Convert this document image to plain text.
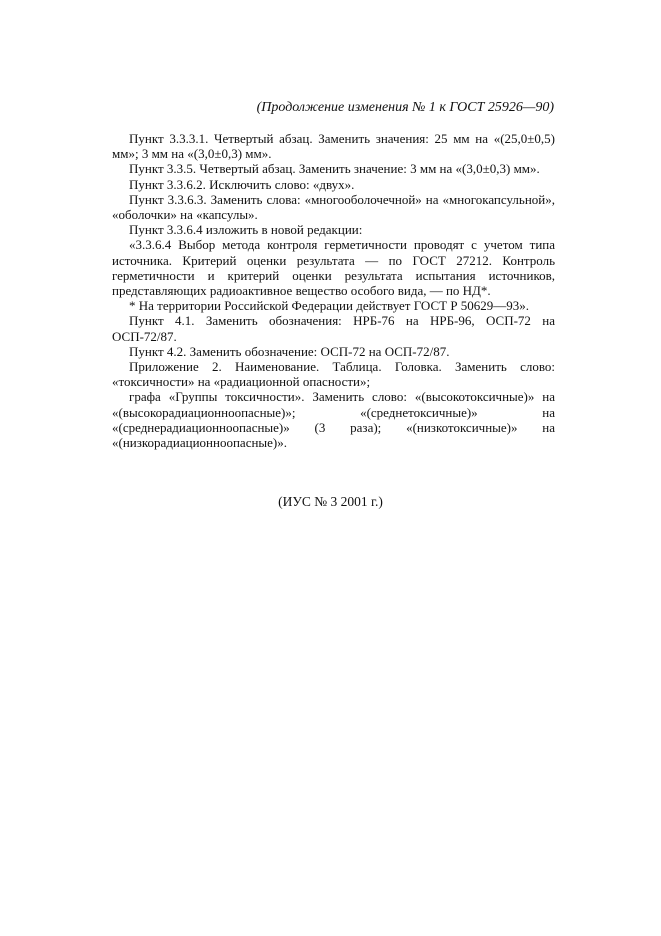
(Продолжение изменения № 1 к ГОСТ 25926—90)

Пункт 3.3.3.1. Четвертый абзац. Заменить значения: 25 мм на «(25,0±0,5) мм»; 3 мм на «(3,0±0,3) мм».

Пункт 3.3.5. Четвертый абзац. Заменить значение: 3 мм на «(3,0±0,3) мм».

Пункт 3.3.6.2. Исключить слово: «двух».

Пункт 3.3.6.3. Заменить слова: «многооболочечной» на «многокапсульной», «оболочки» на «капсулы».

Пункт 3.3.6.4 изложить в новой редакции:

«3.3.6.4 Выбор метода контроля герметичности проводят с учетом типа источника. Критерий оценки результата — по ГОСТ 27212. Контроль герметичности и критерий оценки результата испытания источников, представляющих радиоактивное вещество особого вида, — по НД*.

* На территории Российской Федерации действует ГОСТ Р 50629—93».

Пункт 4.1. Заменить обозначения: НРБ-76 на НРБ-96, ОСП-72 на ОСП-72/87.

Пункт 4.2. Заменить обозначение: ОСП-72 на ОСП-72/87.

Приложение 2. Наименование. Таблица. Головка. Заменить слово: «токсичности» на «радиационной опасности»;

графа «Группы токсичности». Заменить слово: «(высокотоксичные)» на «(высокорадиационноопасные)»; «(среднетоксичные)» на «(среднерадиационноопасные)» (3 раза); «(низкотоксичные)» на «(низкорадиационноопасные)».

(ИУС № 3 2001 г.)
